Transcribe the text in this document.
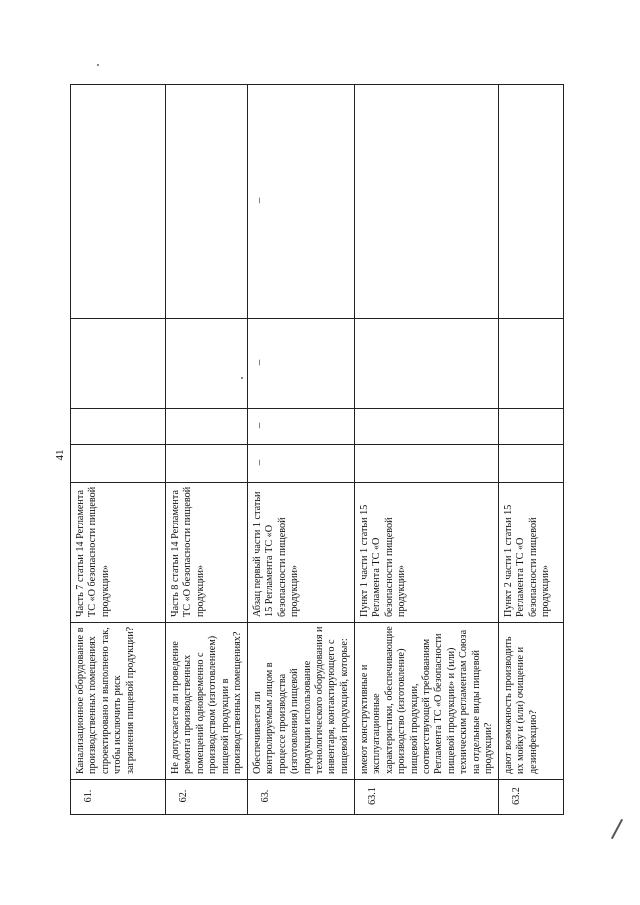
41
61.	Канализационное оборудование в производственных помещениях спроектировано и выполнено так, чтобы исключить риск загрязнения пищевой продукции?	Часть 7 статьи 14 Регламента ТС «О безопасности пищевой продукции»				
62.	Не допускается ли проведение ремонта производственных помещений одновременно с производством (изготовлением) пищевой продукции в производственных помещениях?	Часть 8 статьи 14 Регламента ТС «О безопасности пищевой продукции»				
63.	Обеспечивается ли контролируемым лицом в процессе производства (изготовления) пищевой продукции использование технологического оборудования и инвентаря, контактирующего с пищевой продукцией, которые:	Абзац первый части 1 статьи 15 Регламента ТС «О безопасности пищевой продукции»	–	–	–	–
63.1	имеют конструктивные и эксплуатационные характеристики, обеспечивающие производство (изготовление) пищевой продукции, соответствующей требованиям Регламента ТС «О безопасности пищевой продукции» и (или) техническим регламентам Союза на отдельные виды пищевой продукции?	Пункт 1 части 1 статьи 15 Регламента ТС «О безопасности пищевой продукции»				
63.2	дают возможность производить их мойку и (или) очищение и дезинфекцию?	Пункт 2 части 1 статьи 15 Регламента ТС «О безопасности пищевой продукции»				
